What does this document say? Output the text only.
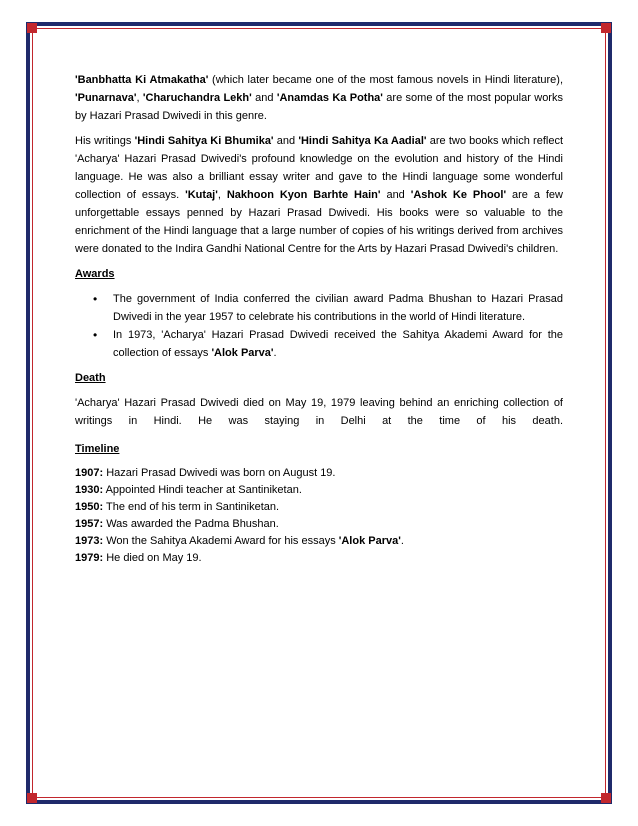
'Banbhatta Ki Atmakatha' (which later became one of the most famous novels in Hindi literature), 'Punarnava', 'Charuchandra Lekh' and 'Anamdas Ka Potha' are some of the most popular works by Hazari Prasad Dwivedi in this genre.

His writings 'Hindi Sahitya Ki Bhumika' and 'Hindi Sahitya Ka Aadial' are two books which reflect 'Acharya' Hazari Prasad Dwivedi's profound knowledge on the evolution and history of the Hindi language. He was also a brilliant essay writer and gave to the Hindi language some wonderful collection of essays. 'Kutaj', Nakhoon Kyon Barhte Hain' and 'Ashok Ke Phool' are a few unforgettable essays penned by Hazari Prasad Dwivedi. His books were so valuable to the enrichment of the Hindi language that a large number of copies of his writings derived from archives were donated to the Indira Gandhi National Centre for the Arts by Hazari Prasad Dwivedi's children.

Awards
• The government of India conferred the civilian award Padma Bhushan to Hazari Prasad Dwivedi in the year 1957 to celebrate his contributions in the world of Hindi literature.
• In 1973, 'Acharya' Hazari Prasad Dwivedi received the Sahitya Akademi Award for the collection of essays 'Alok Parva'.
Death

'Acharya' Hazari Prasad Dwivedi died on May 19, 1979 leaving behind an enriching collection of writings in Hindi. He was staying in Delhi at the time of his death.

Timeline
1907: Hazari Prasad Dwivedi was born on August 19.
1930: Appointed Hindi teacher at Santiniketan.
1950: The end of his term in Santiniketan.
1957: Was awarded the Padma Bhushan.
1973: Won the Sahitya Akademi Award for his essays 'Alok Parva'.
1979: He died on May 19.
